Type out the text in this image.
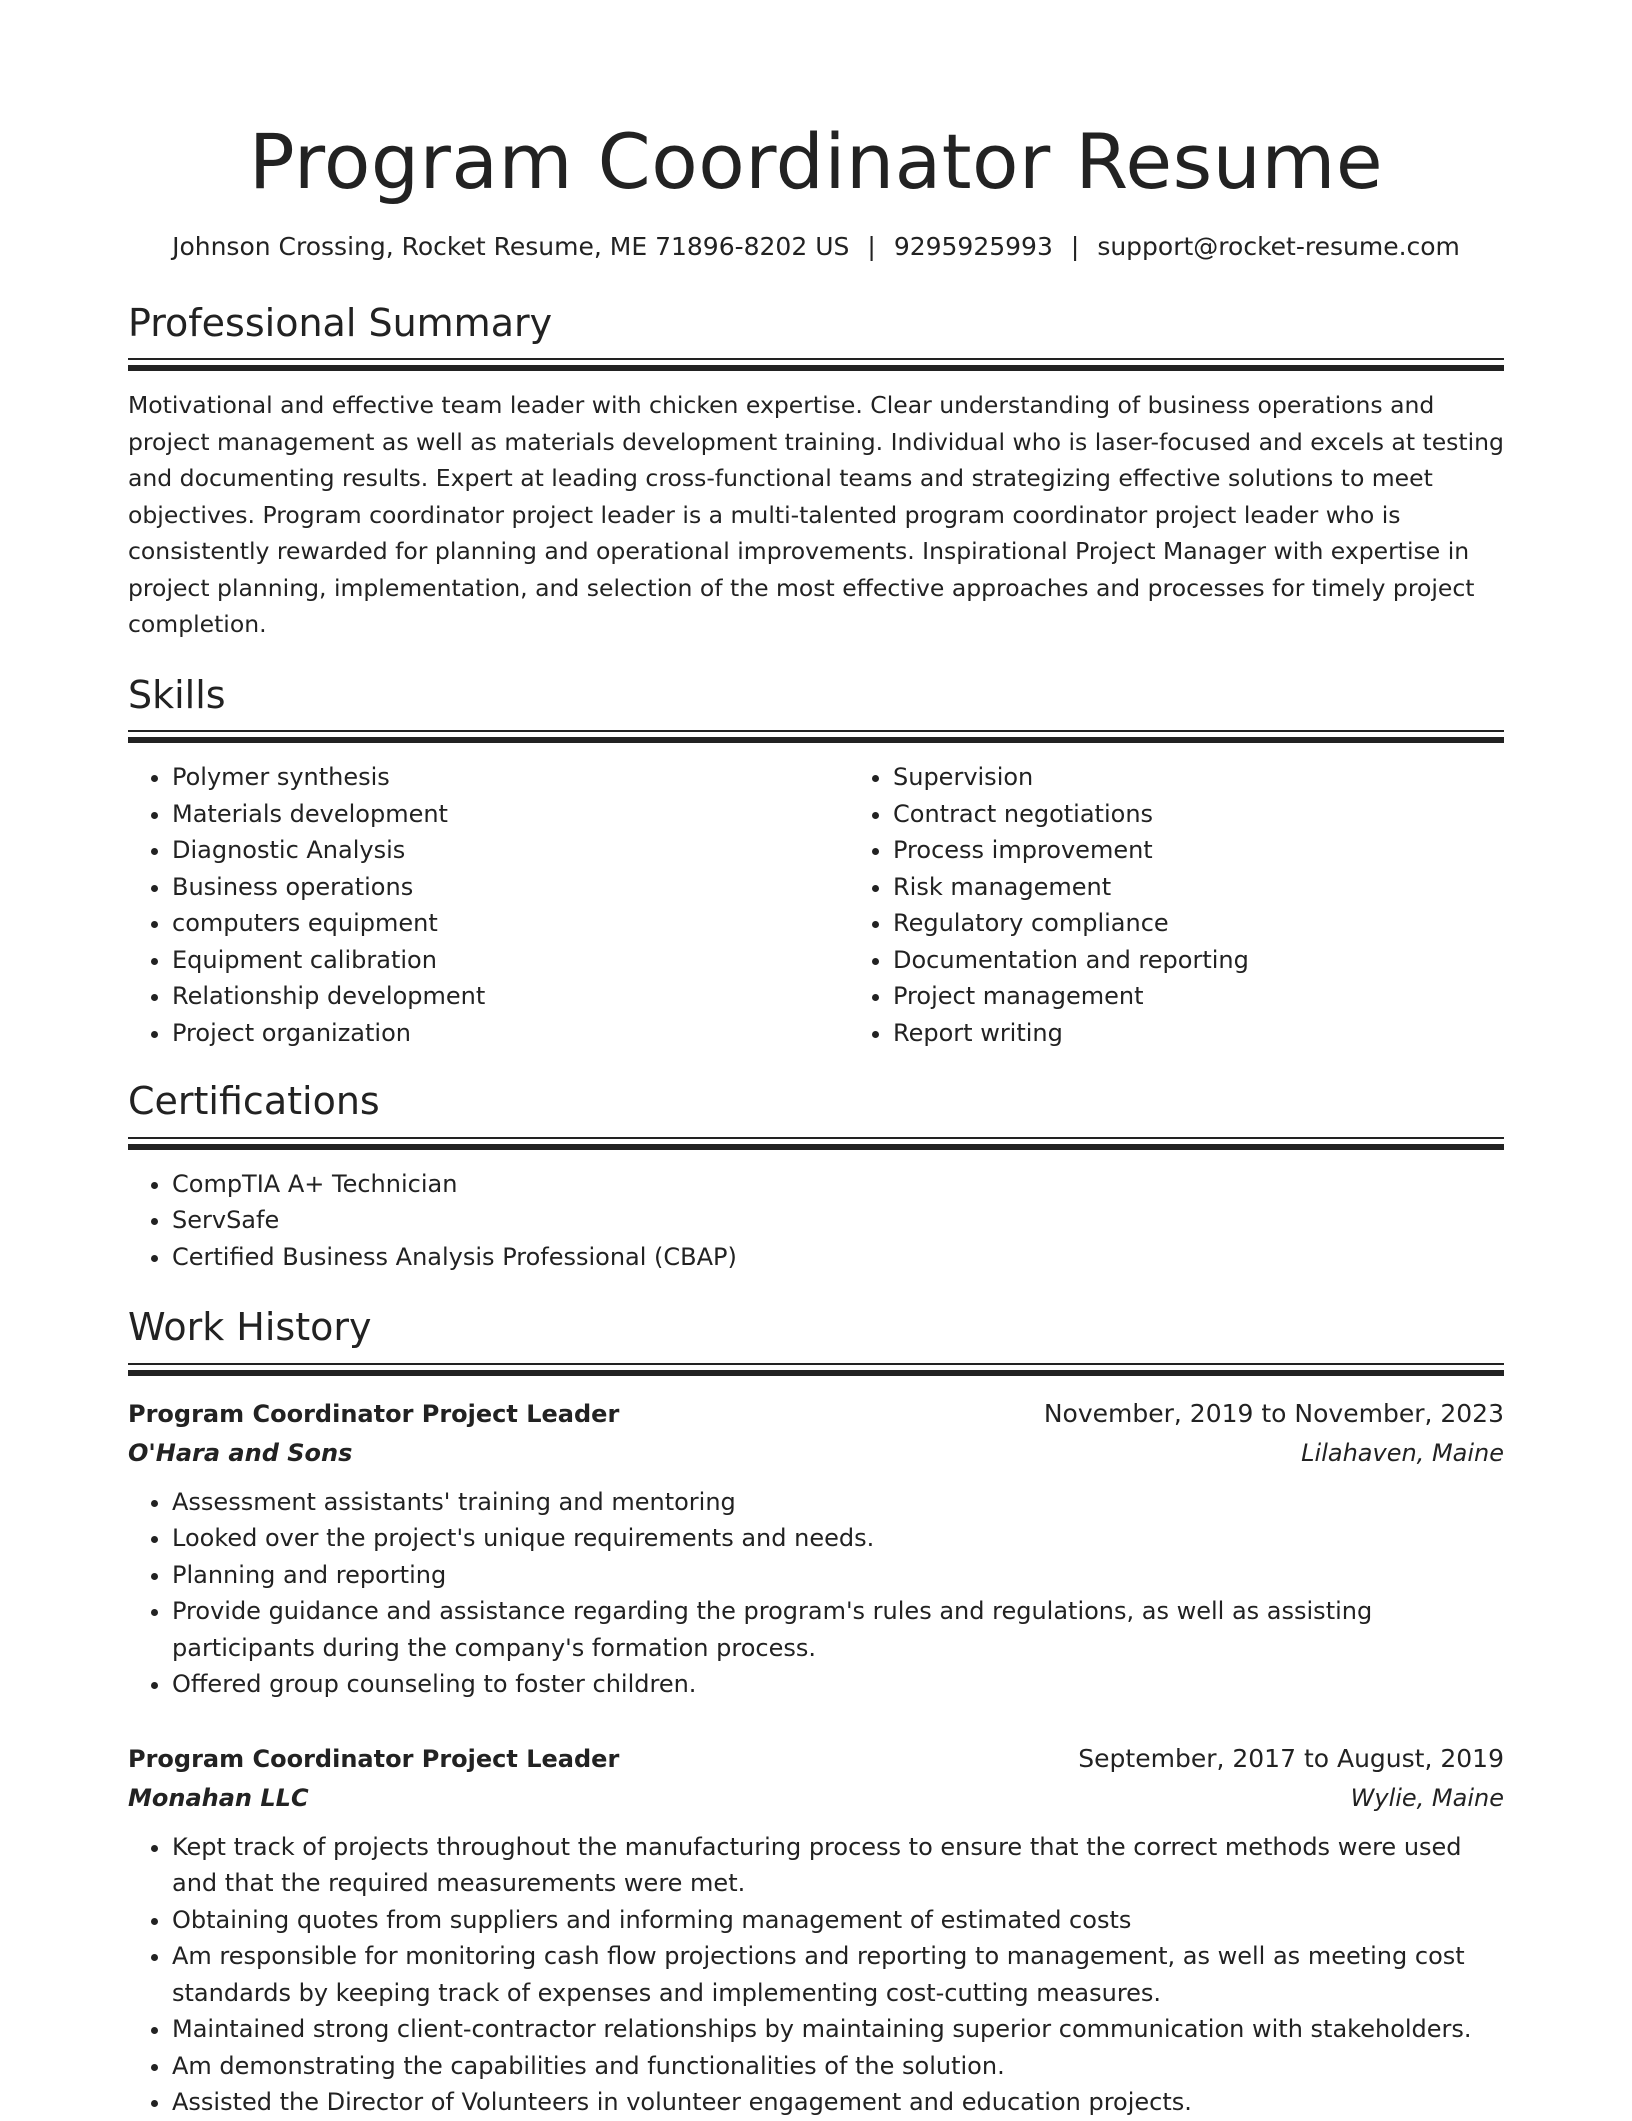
Program Coordinator Resume
Johnson Crossing, Rocket Resume, ME 71896-8202 US | 9295925993 | support@rocket-resume.com
Professional Summary

Motivational and effective team leader with chicken expertise. Clear understanding of business operations and project management as well as materials development training. Individual who is laser-focused and excels at testing and documenting results. Expert at leading cross-functional teams and strategizing effective solutions to meet objectives. Program coordinator project leader is a multi-talented program coordinator project leader who is consistently rewarded for planning and operational improvements. Inspirational Project Manager with expertise in project planning, implementation, and selection of the most effective approaches and processes for timely project completion.

Skills
• Polymer synthesis
• Materials development
• Diagnostic Analysis
• Business operations
• computers equipment
• Equipment calibration
• Relationship development
• Project organization
• Supervision
• Contract negotiations
• Process improvement
• Risk management
• Regulatory compliance
• Documentation and reporting
• Project management
• Report writing
Certifications
• CompTIA A+ Technician
• ServSafe
• Certified Business Analysis Professional (CBAP)
Work History
Program Coordinator Project Leader	November, 2019 to November, 2023
O'Hara and Sons	Lilahaven, Maine
• Assessment assistants' training and mentoring
• Looked over the project's unique requirements and needs.
• Planning and reporting
• Provide guidance and assistance regarding the program's rules and regulations, as well as assisting participants during the company's formation process.
• Offered group counseling to foster children.
Program Coordinator Project Leader	September, 2017 to August, 2019
Monahan LLC	Wylie, Maine
• Kept track of projects throughout the manufacturing process to ensure that the correct methods were used and that the required measurements were met.
• Obtaining quotes from suppliers and informing management of estimated costs
• Am responsible for monitoring cash flow projections and reporting to management, as well as meeting cost standards by keeping track of expenses and implementing cost-cutting measures.
• Maintained strong client-contractor relationships by maintaining superior communication with stakeholders.
• Am demonstrating the capabilities and functionalities of the solution.
• Assisted the Director of Volunteers in volunteer engagement and education projects.
